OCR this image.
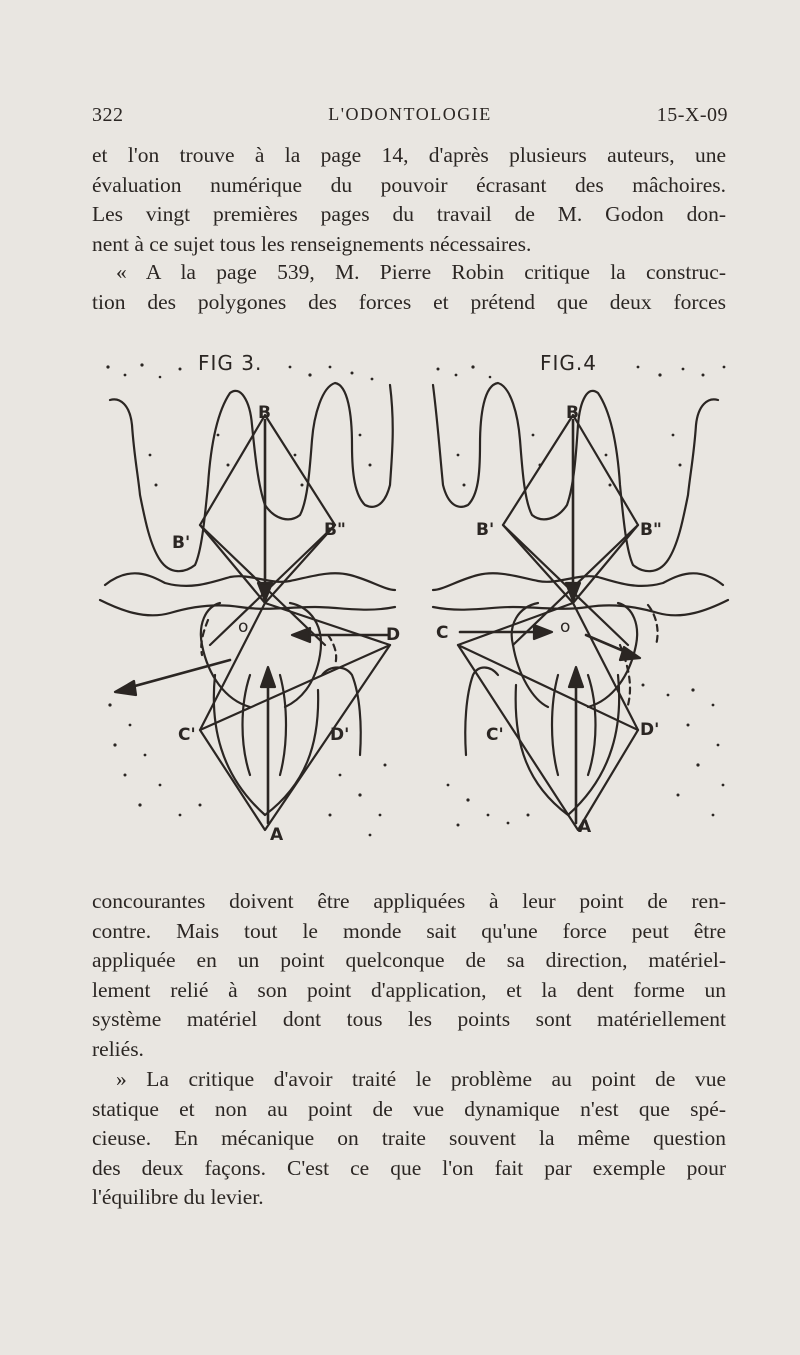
322	L'ODONTOLOGIE	15-X-09
et l'on trouve à la page 14, d'après plusieurs auteurs, une
évaluation numérique du pouvoir écrasant des mâchoires.
Les vingt premières pages du travail de M. Godon don-
nent à ce sujet tous les renseignements nécessaires.
« A la page 539, M. Pierre Robin critique la construc-
tion des polygones des forces et prétend que deux forces
FIG 3.
B
B'
B"
o	D
C'	D'
A
FIG.4
B
B'	B"
o
C
C'	D'
A
concourantes doivent être appliquées à leur point de ren-
contre. Mais tout le monde sait qu'une force peut être
appliquée en un point quelconque de sa direction, matériel-
lement relié à son point d'application, et la dent forme un
système matériel dont tous les points sont matériellement
reliés.
» La critique d'avoir traité le problème au point de vue
statique et non au point de vue dynamique n'est que spé-
cieuse. En mécanique on traite souvent la même question
des deux façons. C'est ce que l'on fait par exemple pour
l'équilibre du levier.
